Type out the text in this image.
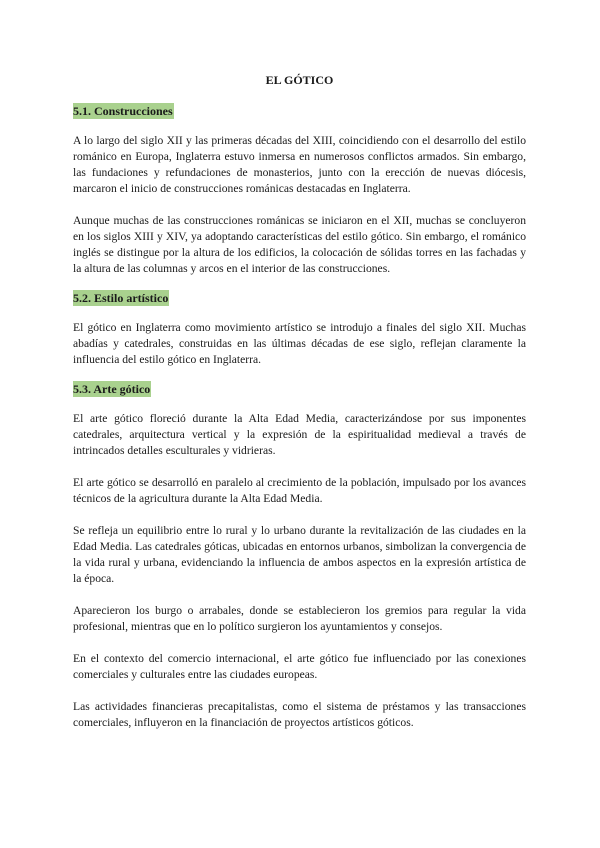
EL GÓTICO
5.1. Construcciones

A lo largo del siglo XII y las primeras décadas del XIII, coincidiendo con el desarrollo del estilo románico en Europa, Inglaterra estuvo inmersa en numerosos conflictos armados. Sin embargo, las fundaciones y refundaciones de monasterios, junto con la erección de nuevas diócesis, marcaron el inicio de construcciones románicas destacadas en Inglaterra.

Aunque muchas de las construcciones románicas se iniciaron en el XII, muchas se concluyeron en los siglos XIII y XIV, ya adoptando características del estilo gótico. Sin embargo, el románico inglés se distingue por la altura de los edificios, la colocación de sólidas torres en las fachadas y la altura de las columnas y arcos en el interior de las construcciones.

5.2. Estilo artístico

El gótico en Inglaterra como movimiento artístico se introdujo a finales del siglo XII. Muchas abadías y catedrales, construidas en las últimas décadas de ese siglo, reflejan claramente la influencia del estilo gótico en Inglaterra.

5.3. Arte gótico

El arte gótico floreció durante la Alta Edad Media, caracterizándose por sus imponentes catedrales, arquitectura vertical y la expresión de la espiritualidad medieval a través de intrincados detalles esculturales y vidrieras.

El arte gótico se desarrolló en paralelo al crecimiento de la población, impulsado por los avances técnicos de la agricultura durante la Alta Edad Media.

Se refleja un equilibrio entre lo rural y lo urbano durante la revitalización de las ciudades en la Edad Media. Las catedrales góticas, ubicadas en entornos urbanos, simbolizan la convergencia de la vida rural y urbana, evidenciando la influencia de ambos aspectos en la expresión artística de la época.

Aparecieron los burgo o arrabales, donde se establecieron los gremios para regular la vida profesional, mientras que en lo político surgieron los ayuntamientos y consejos.

En el contexto del comercio internacional, el arte gótico fue influenciado por las conexiones comerciales y culturales entre las ciudades europeas.

Las actividades financieras precapitalistas, como el sistema de préstamos y las transacciones comerciales, influyeron en la financiación de proyectos artísticos góticos.
